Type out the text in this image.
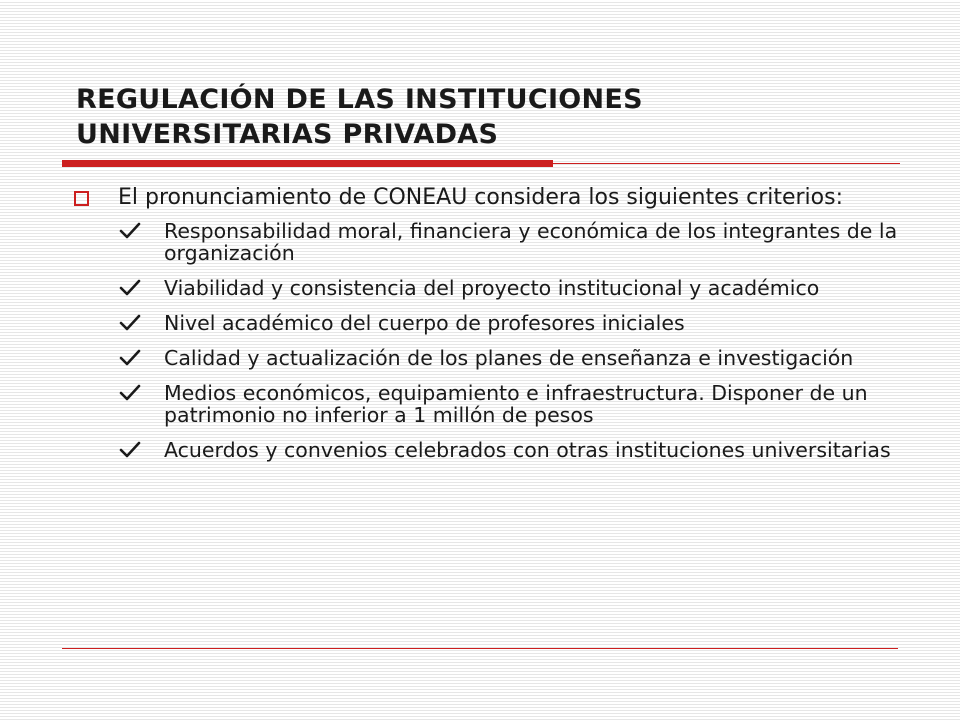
REGULACIÓN DE LAS INSTITUCIONES
UNIVERSITARIAS PRIVADAS
El pronunciamiento de CONEAU considera los siguientes criterios:
Responsabilidad moral, financiera y económica de los integrantes de la organización
Viabilidad y consistencia del proyecto institucional y académico
Nivel académico del cuerpo de profesores iniciales
Calidad y actualización de los planes de enseñanza e investigación
Medios económicos, equipamiento e infraestructura. Disponer de un patrimonio no inferior a 1 millón de pesos
Acuerdos y convenios celebrados con otras instituciones universitarias
